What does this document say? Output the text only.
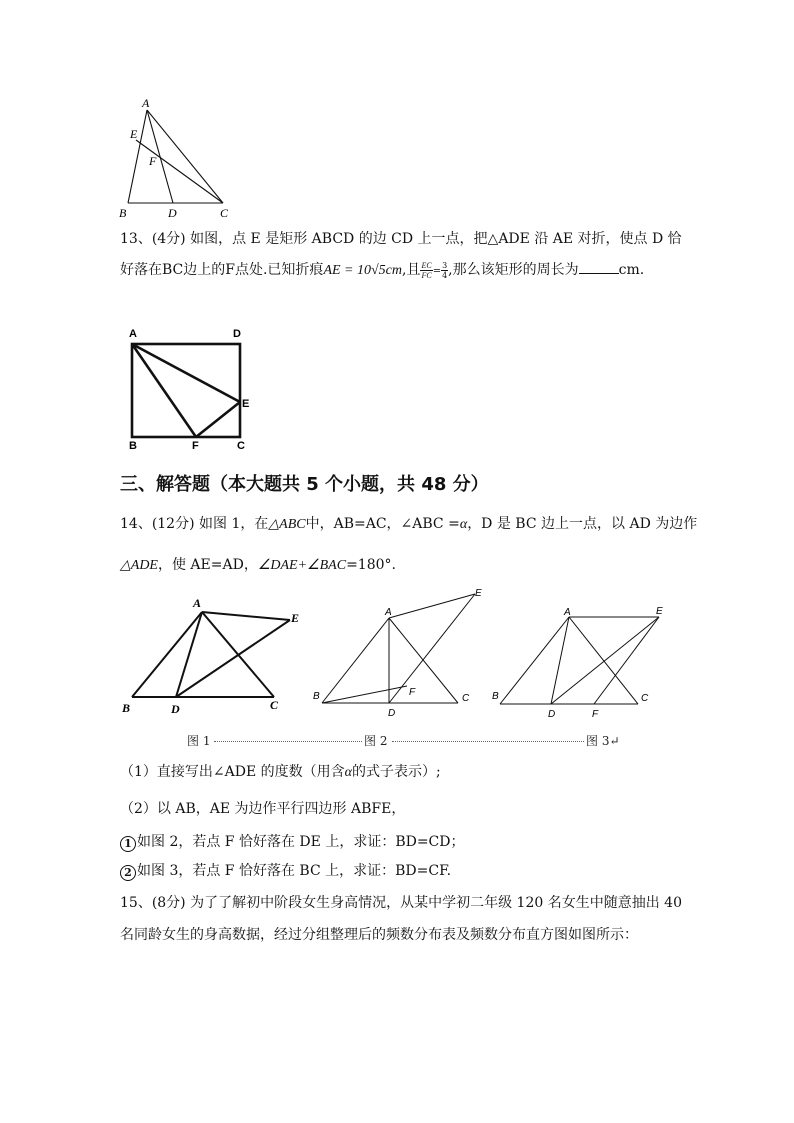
A
E
F
B	D	C
13、(4分) 如图，点 E 是矩形 ABCD 的边 CD 上一点，把△ADE 沿 AE 对折，使点 D 恰
好落在BC边上的F点处.已知折痕AE = 10√5cm,且 $\frac{EC}{FC} = \frac{3}{4}$ ,那么该矩形的周长为	cm.
A	D
E
B	F	C
三、解答题（本大题共 5 个小题，共 48 分）
14、(12分) 如图 1，在△ABC中，AB=AC，∠ABC =α，D 是 BC 边上一点，以 AD 为边作
△ADE，使 AE=AD，∠DAE+∠BAC=180°.
A
E
B	D	C
A
E
B	F
D
C
A	E
B
D	F
C
图 1	图 2	图 3↵
（1）直接写出∠ADE 的度数（用含α的式子表示）;
（2）以 AB，AE 为边作平行四边形 ABFE，
1 如图 2，若点 F 恰好落在 DE 上，求证：BD=CD；
2 如图 3，若点 F 恰好落在 BC 上，求证：BD=CF.
15、(8分) 为了了解初中阶段女生身高情况，从某中学初二年级 120 名女生中随意抽出 40
名同龄女生的身高数据，经过分组整理后的频数分布表及频数分布直方图如图所示：
